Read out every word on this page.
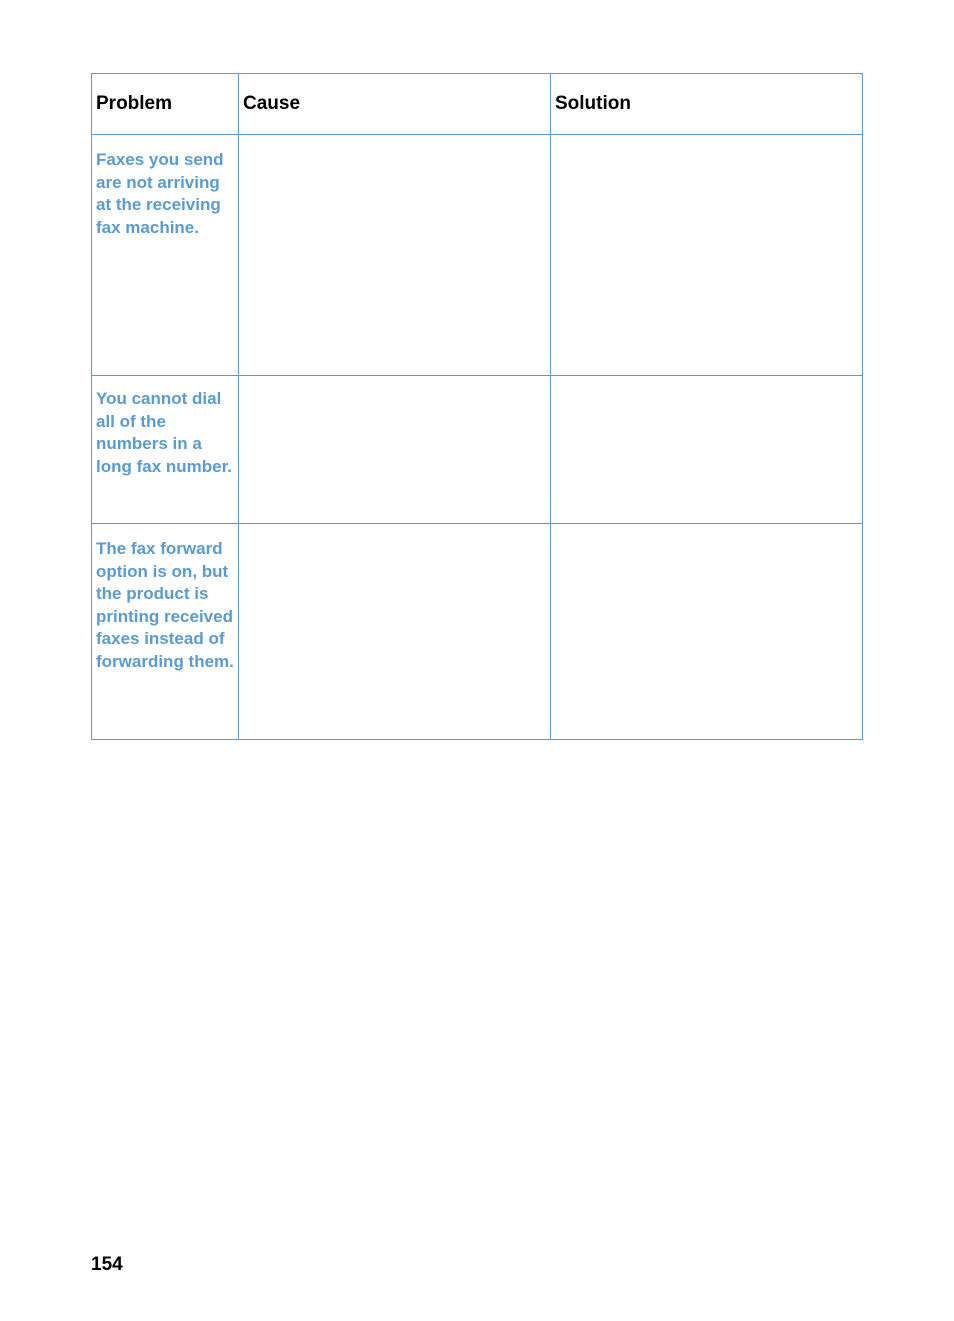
Problem	Cause	Solution

Faxes you send are not arriving at the receiving fax machine.		

You cannot dial all of the numbers in a long fax number.		

The fax forward option is on, but the product is printing received faxes instead of forwarding them.		

154
